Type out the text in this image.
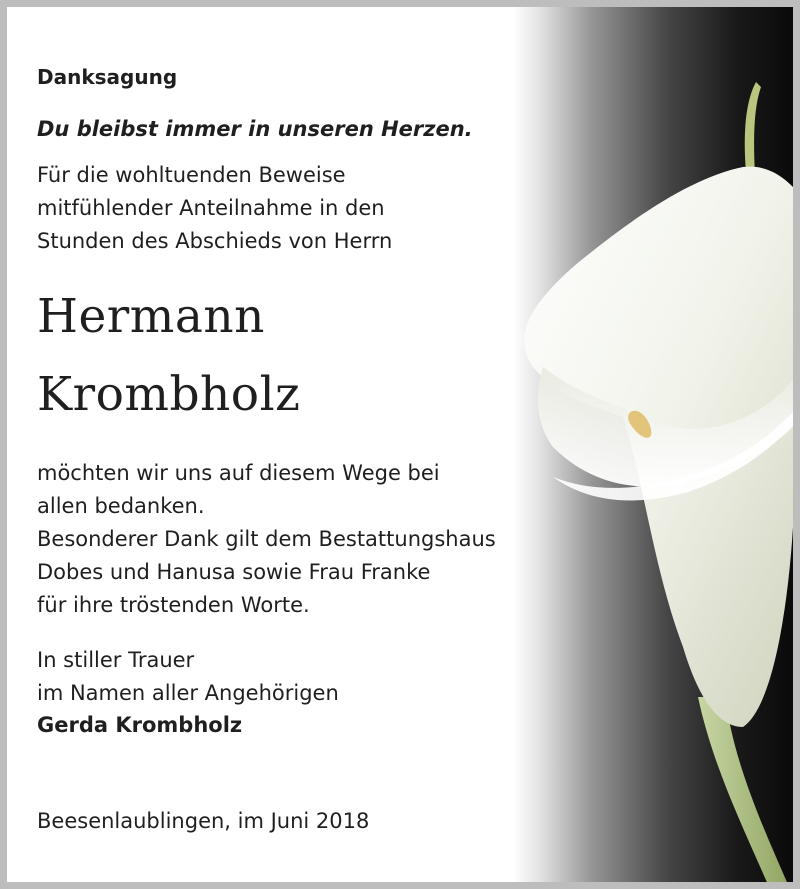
Danksagung
Du bleibst immer in unseren Herzen.
Für die wohltuenden Beweise
mitfühlender Anteilnahme in den
Stunden des Abschieds von Herrn
Hermann
Krombholz
möchten wir uns auf diesem Wege bei
allen bedanken.
Besonderer Dank gilt dem Bestattungshaus
Dobes und Hanusa sowie Frau Franke
für ihre tröstenden Worte.
In stiller Trauer
im Namen aller Angehörigen
Gerda Krombholz
Beesenlaublingen, im Juni 2018
